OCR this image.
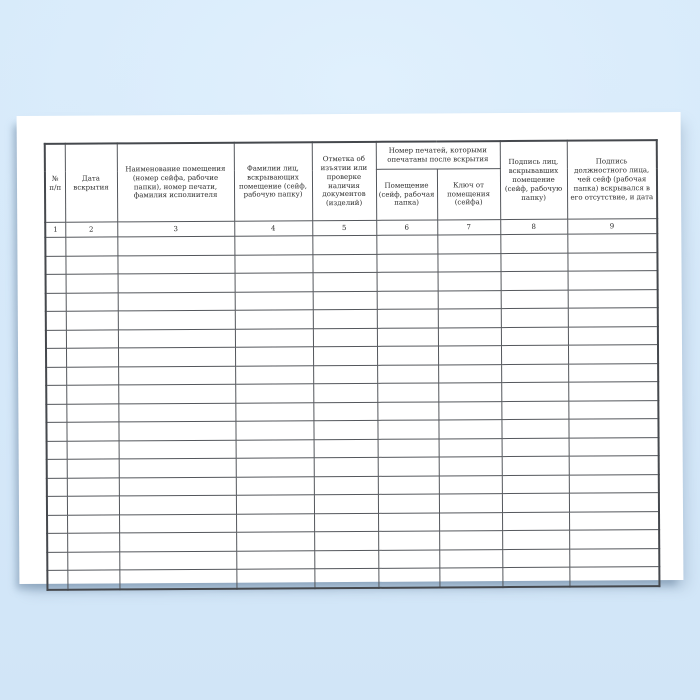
№ п/п	Дата вскрытия	Наименование помещения (номер сейфа, рабочие папки), номер печати, фамилия исполнителя	Фамилии лиц, вскрывающих помещение (сейф, рабочую папку)	Отметка об изъятии или проверке наличия документов (изделий)	Номер печатей, которыми опечатаны после вскрытия		Подпись лиц, вскрывавших помещение (сейф, рабочую папку)	Подпись должностного лица, чей сейф (рабочая папка) вскрывался в его отсутствие, и дата
					Помещение (сейф, рабочая папка)	Ключ от помещения (сейфа)		
1	2	3	4	5	6	7	8	9
